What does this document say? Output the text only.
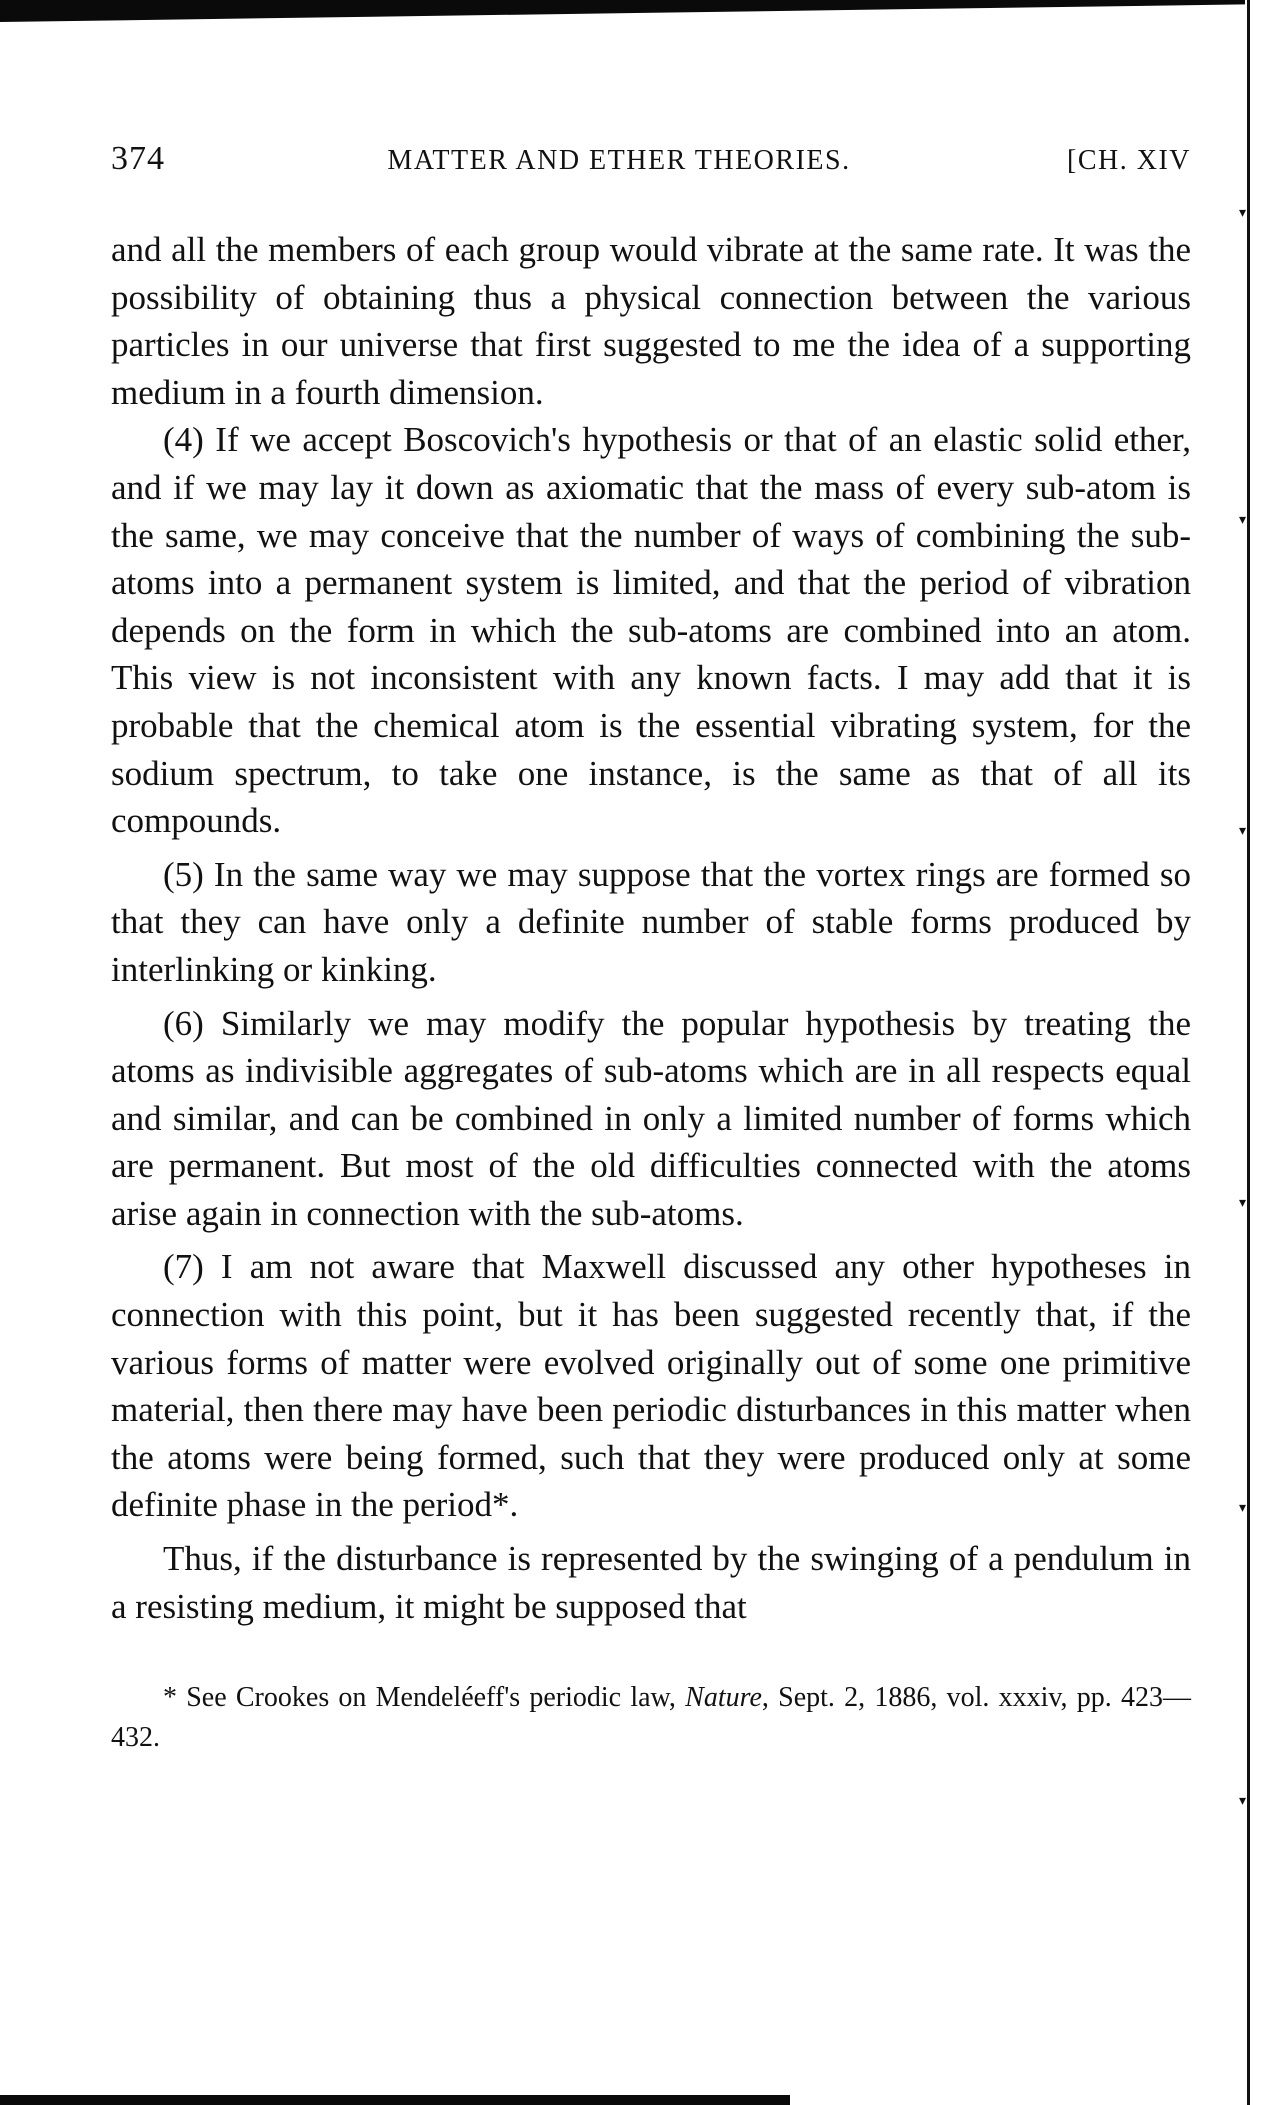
▾
▾
▾
▾
▾
▾
374	MATTER AND ETHER THEORIES.	[CH. XIV

and all the members of each group would vibrate at the same rate. It was the possibility of obtaining thus a physical connection between the various particles in our universe that first suggested to me the idea of a supporting medium in a fourth dimension.

(4) If we accept Boscovich's hypothesis or that of an elastic solid ether, and if we may lay it down as axiomatic that the mass of every sub-atom is the same, we may conceive that the number of ways of combining the sub-atoms into a permanent system is limited, and that the period of vibration depends on the form in which the sub-atoms are combined into an atom. This view is not inconsistent with any known facts. I may add that it is probable that the chemical atom is the essential vibrating system, for the sodium spectrum, to take one instance, is the same as that of all its compounds.

(5) In the same way we may suppose that the vortex rings are formed so that they can have only a definite number of stable forms produced by interlinking or kinking.

(6) Similarly we may modify the popular hypothesis by treating the atoms as indivisible aggregates of sub-atoms which are in all respects equal and similar, and can be combined in only a limited number of forms which are permanent. But most of the old difficulties connected with the atoms arise again in connection with the sub-atoms.

(7) I am not aware that Maxwell discussed any other hypotheses in connection with this point, but it has been suggested recently that, if the various forms of matter were evolved originally out of some one primitive material, then there may have been periodic disturbances in this matter when the atoms were being formed, such that they were produced only at some definite phase in the period*.

Thus, if the disturbance is represented by the swinging of a pendulum in a resisting medium, it might be supposed that

* See Crookes on Mendeléeff's periodic law, Nature, Sept. 2, 1886, vol. xxxiv, pp. 423—432.
